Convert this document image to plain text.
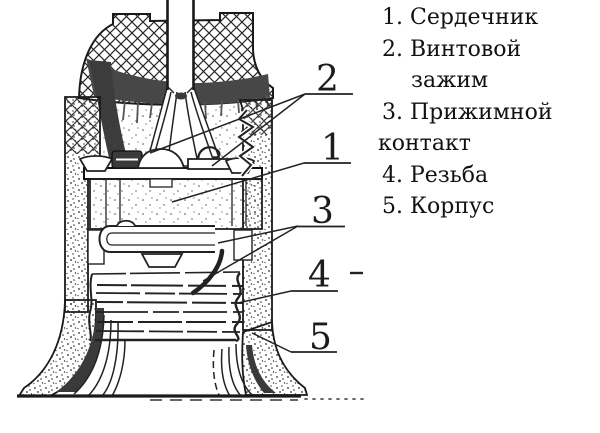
2
1
3
4
5
1. Сердечник
2. Винтовой
зажим
3. Прижимной
контакт
4. Резьба
5. Корпус
